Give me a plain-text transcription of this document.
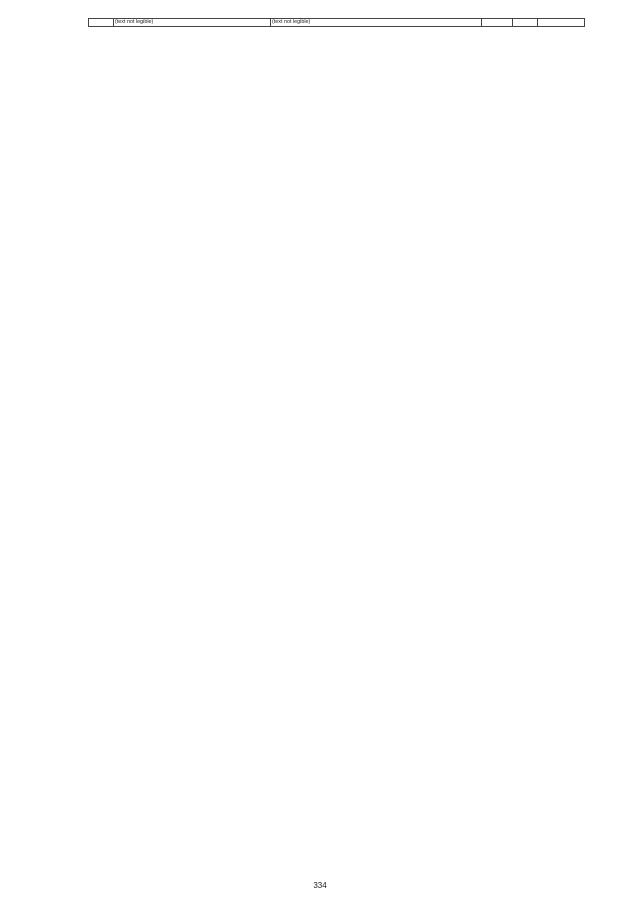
	(text not legible)	(text not legible)			
334
